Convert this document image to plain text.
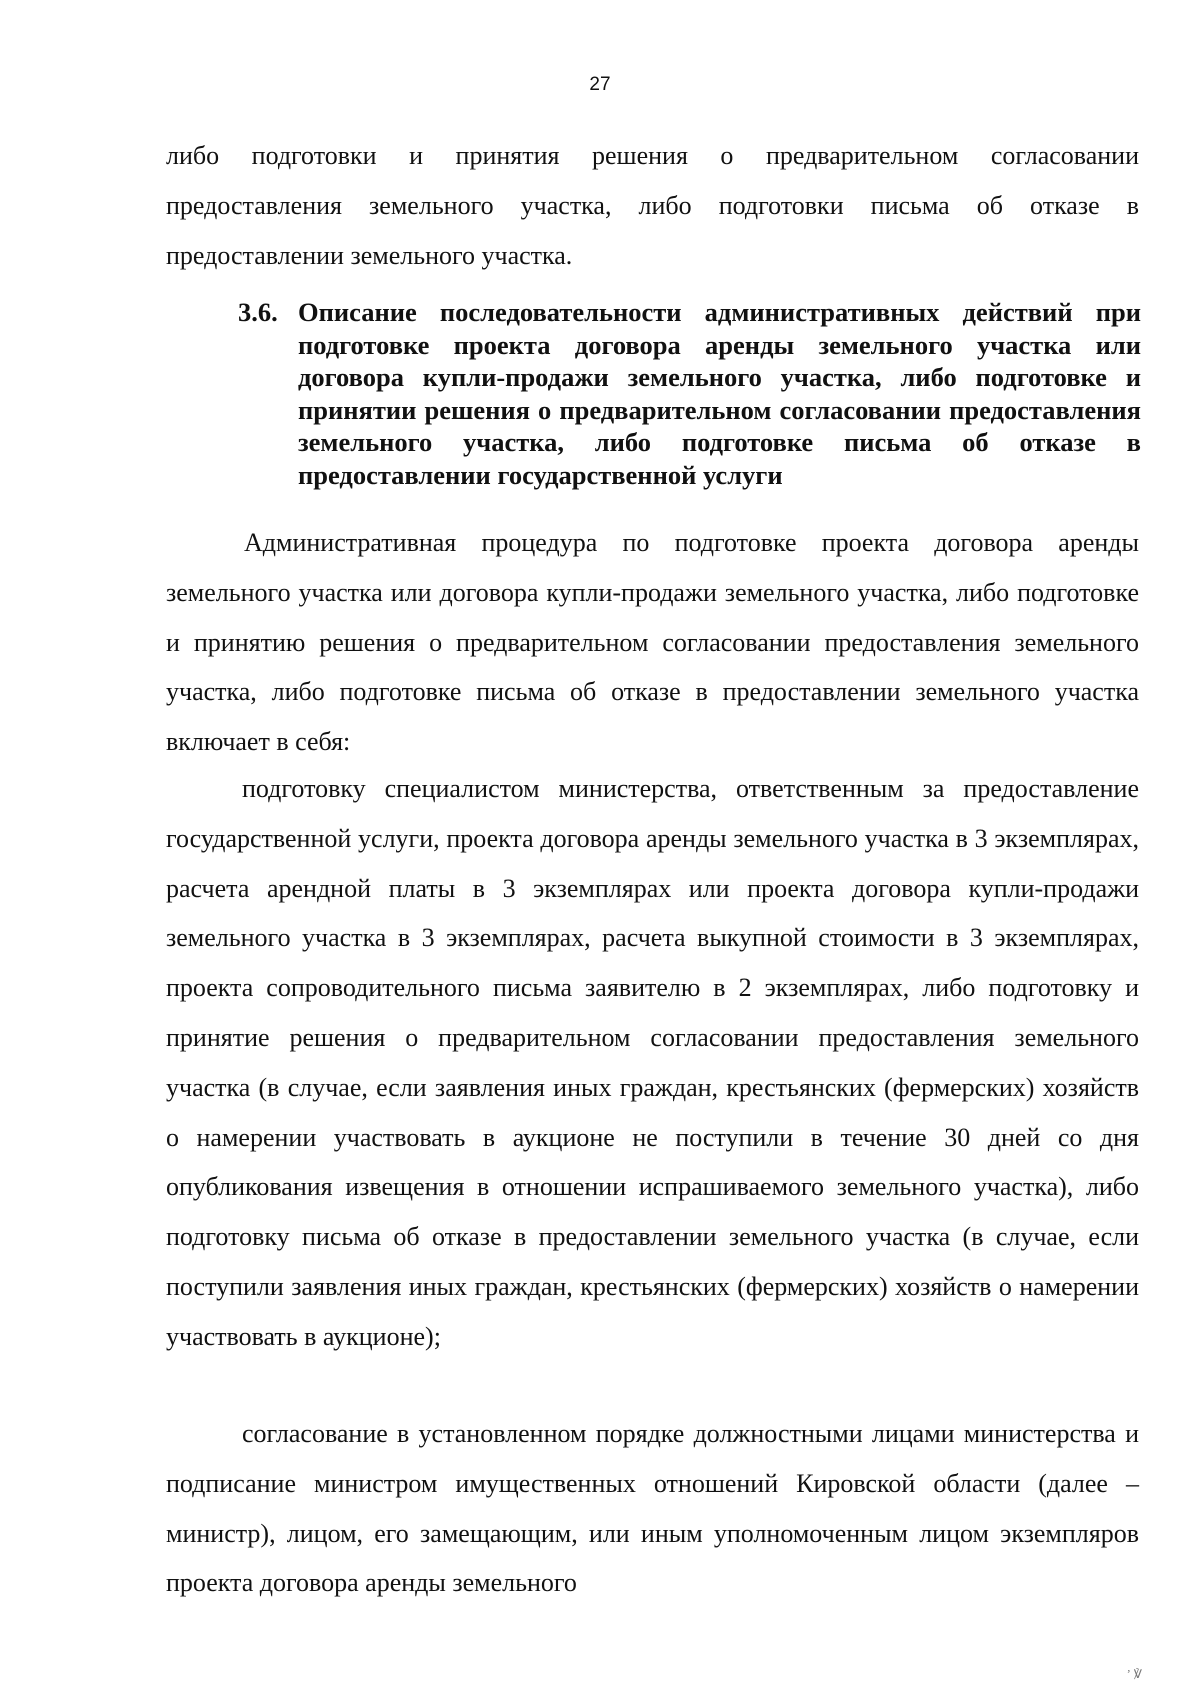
27

либо подготовки и принятия решения о предварительном согласовании предоставления земельного участка, либо подготовки письма об отказе в предоставлении земельного участка.

3.6. Описание последовательности административных действий при подготовке проекта договора аренды земельного участка или договора купли-продажи земельного участка, либо подготовке и принятии решения о предварительном согласовании предоставления земельного участка, либо подготовке письма об отказе в предоставлении государственной услуги

Административная процедура по подготовке проекта договора аренды земельного участка или договора купли-продажи земельного участка, либо подготовке и принятию решения о предварительном согласовании предоставления земельного участка, либо подготовке письма об отказе в предоставлении земельного участка включает в себя:

подготовку специалистом министерства, ответственным за предоставление государственной услуги, проекта договора аренды земельного участка в 3 экземплярах, расчета арендной платы в 3 экземплярах или проекта договора купли-продажи земельного участка в 3 экземплярах, расчета выкупной стоимости в 3 экземплярах, проекта сопроводительного письма заявителю в 2 экземплярах, либо подготовку и принятие решения о предварительном согласовании предоставления земельного участка (в случае, если заявления иных граждан, крестьянских (фермерских) хозяйств о намерении участвовать в аукционе не поступили в течение 30 дней со дня опубликования извещения в отношении испрашиваемого земельного участка), либо подготовку письма об отказе в предоставлении земельного участка (в случае, если поступили заявления иных граждан, крестьянских (фермерских) хозяйств о намерении участвовать в аукционе);

согласование в установленном порядке должностными лицами министерства и подписание министром имущественных отношений Кировской области (далее – министр), лицом, его замещающим, или иным уполномоченным лицом экземпляров проекта договора аренды земельного

ʼ ℣
